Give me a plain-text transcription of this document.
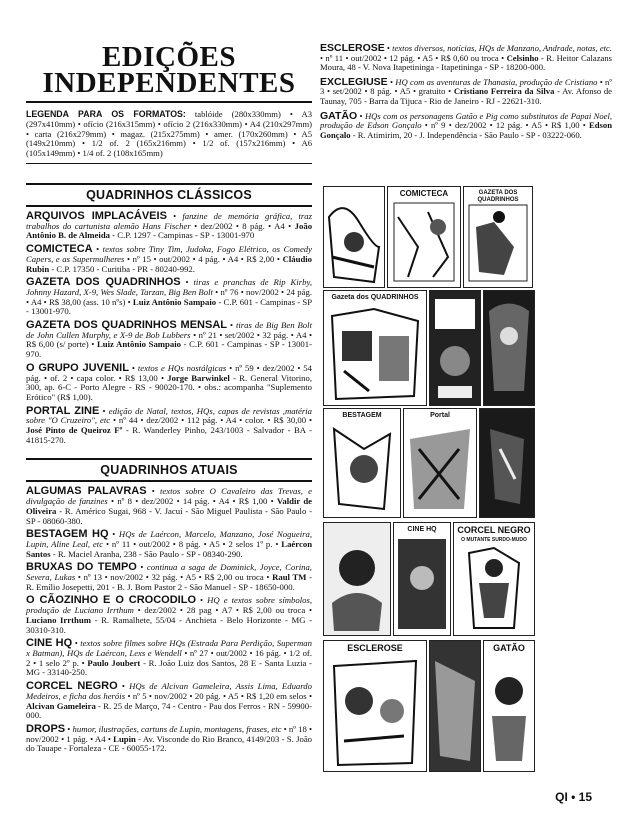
EDIÇÕES
INDEPENDENTES
LEGENDA PARA OS FORMATOS: tablóide (280x330mm) • A3 (297x410mm) • ofício (216x315mm) • ofício 2 (216x330mm) • A4 (210x297mm) • carta (216x279mm) • magaz. (215x275mm) • amer. (170x260mm) • A5 (149x210mm) • 1/2 of. 2 (165x216mm) • 1/2 of. (157x216mm) • A6 (105x149mm) • 1/4 of. 2 (108x165mm)
QUADRINHOS CLÁSSICOS
ARQUIVOS IMPLACÁVEIS • fanzine de memória gráfica, traz trabalhos do cartunista alemão Hans Fischer • dez/2002 • 8 pág. • A4 • João Antônio B. de Almeida - C.P. 1297 - Campinas - SP - 13001-970
COMICTECA • textos sobre Tiny Tim, Judoka, Fogo Elétrico, os Comedy Capers, e as Supermulheres • nº 15 • out/2002 • 4 pág. • A4 • R$ 2,00 • Cláudio Rubin - C.P. 17350 - Curitiba - PR - 80240-992.
GAZETA DOS QUADRINHOS • tiras e pranchas de Rip Kirby, Johnny Hazard, X-9, Wes Slade, Tarzan, Big Ben Bolt • nº 76 • nov/2002 • 24 pág. • A4 • R$ 38,00 (ass. 10 nºs) • Luiz Antônio Sampaio - C.P. 601 - Campinas - SP - 13001-970.
GAZETA DOS QUADRINHOS MENSAL • tiras de Big Ben Bolt de John Cullen Murphy, e X-9 de Bob Lubbers • nº 21 • set/2002 • 32 pág. • A4 • R$ 6,00 (s/ porte) • Luiz Antônio Sampaio - C.P. 601 - Campinas - SP - 13001-970.
O GRUPO JUVENIL • textos e HQs nostálgicas • nº 59 • dez/2002 • 54 pág. • of. 2 • capa color. • R$ 13,00 • Jorge Barwinkel - R. General Vitorino, 300, ap. 6-C - Porto Alegre - RS - 90020-170. • obs.: acompanha "Suplemento Erótico" (R$ 1,00).
PORTAL ZINE • edição de Natal, textos, HQs, capas de revistas ,matéria sobre "O Cruzeiro", etc • nº 44 • dez/2002 • 112 pág. • A4 • color. • R$ 30,00 • José Pinto de Queiroz Fº - R. Wanderley Pinho, 243/1003 - Salvador - BA - 41815-270.
QUADRINHOS ATUAIS
ALGUMAS PALAVRAS • textos sobre O Cavaleiro das Trevas, e divulgação de fanzines • nº 8 • dez/2002 • 14 pág. • A4 • R$ 1,00 • Valdir de Oliveira - R. Américo Sugai, 968 - V. Jacuí - São Miguel Paulista - São Paulo - SP - 08060-380.
BESTAGEM HQ • HQs de Laércon, Marcelo, Manzano, José Nogueira, Lupin, Aline Leal, etc • nº 11 • out/2002 • 8 pág. • A5 • 2 selos 1º p. • Laércon Santos - R. Maciel Aranha, 238 - São Paulo - SP - 08340-290.
BRUXAS DO TEMPO • continua a saga de Dominick, Joyce, Corina, Severa, Lukas • nº 13 • nov/2002 • 32 pág. • A5 • R$ 2,00 ou troca • Raul TM - R. Emílio Josepetti, 201 - B. J. Bom Pastor 2 - São Manuel - SP - 18650-000.
O CÃOZINHO E O CROCODILO • HQ e textos sobre símbolos, produção de Luciano Irrthum • dez/2002 • 28 pag • A7 • R$ 2,00 ou troca • Luciano Irrthum - R. Ramalhete, 55/04 - Anchieta - Belo Horizonte - MG - 30310-310.
CINE HQ • textos sobre filmes sobre HQs (Estrada Para Perdição, Superman x Batman), HQs de Laércon, Lexs e Wendell • nº 27 • out/2002 • 16 pág. • 1/2 of. 2 • 1 selo 2º p. • Paulo Joubert - R. João Luiz dos Santos, 28 E - Santa Luzia - MG - 33140-250.
CORCEL NEGRO • HQs de Alcivan Gameleira, Assis Lima, Eduardo Medeiros, e ficha dos heróis • nº 5 • nov/2002 • 20 pág. • A5 • R$ 1,20 em selos • Alcivan Gameleira - R. 25 de Março, 74 - Centro - Pau dos Ferros - RN - 59900-000.
DROPS • humor, ilustrações, cartuns de Lupin, montagens, frases, etc • nº 18 • nov/2002 • 1 pág. • A4 • Lupin - Av. Visconde do Rio Branco, 4149/203 - S. João do Tauape - Fortaleza - CE - 60055-172.
ESCLEROSE • textos diversos, notícias, HQs de Manzano, Andrade, notas, etc. • nº 11 • out/2002 • 12 pág. • A5 • R$ 0,60 ou troca • Celsinho - R. Heitor Calazans Moura, 48 - V. Nova Itapetininga - Itapetininga - SP - 18200-000.
EXCLEGIUSE • HQ com as aventuras de Thanasia, produção de Cristiano • nº 3 • set/2002 • 8 pág. • A5 • gratuito • Cristiano Ferreira da Silva - Av. Afonso de Taunay, 705 - Barra da Tijuca - Rio de Janeiro - RJ - 22621-310.
GATÃO • HQs com os personagens Gatão e Pig como substitutos de Papai Noel, produção de Edson Gonçalo • nº 9 • dez/2002 • 12 pág. • A5 • R$ 1,00 • Edson Gonçalo - R. Atimirim, 20 - J. Independência - São Paulo - SP - 03222-060.
COMICTECA	GAZETA DOS QUADRINHOS
Gazeta dos QUADRINHOS
BESTAGEM	Portal
CINE HQ	CORCEL NEGRO
O MUTANTE SURDO-MUDO
ESCLEROSE	GATÃO
QI • 15
